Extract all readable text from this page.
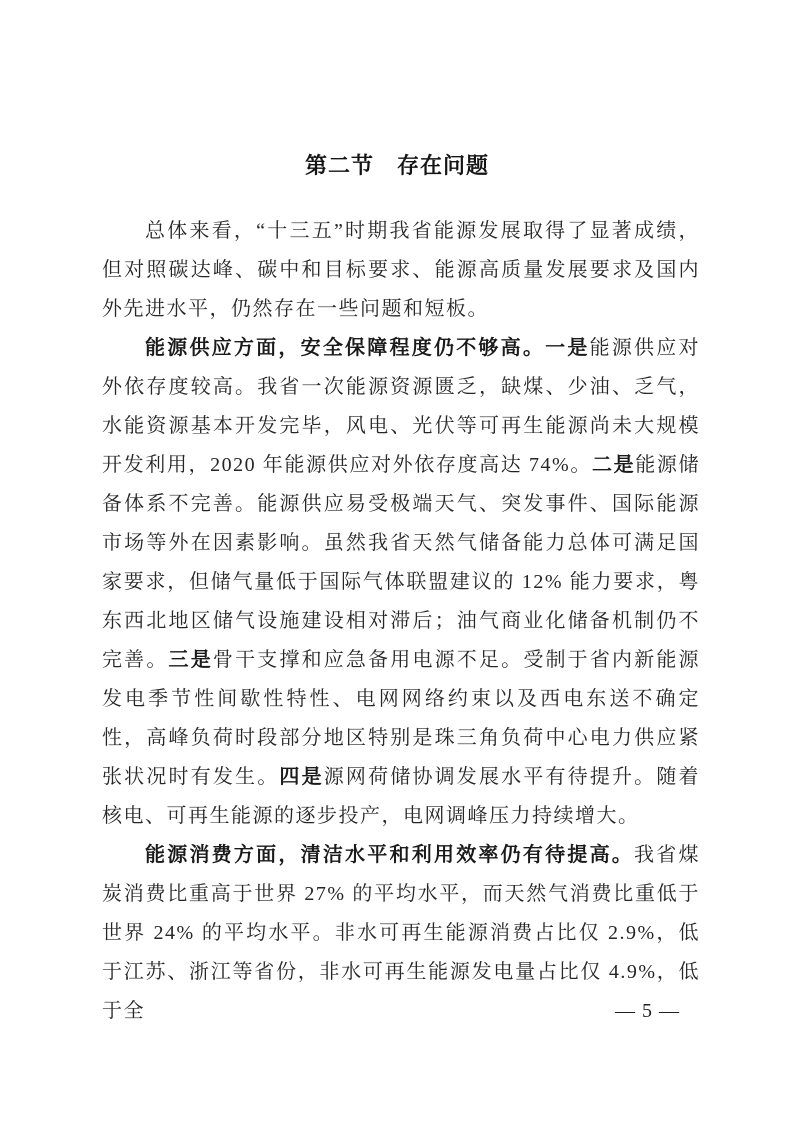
第二节　存在问题

总体来看，“十三五”时期我省能源发展取得了显著成绩，但对照碳达峰、碳中和目标要求、能源高质量发展要求及国内外先进水平，仍然存在一些问题和短板。

能源供应方面，安全保障程度仍不够高。一是能源供应对外依存度较高。我省一次能源资源匮乏，缺煤、少油、乏气，水能资源基本开发完毕，风电、光伏等可再生能源尚未大规模开发利用，2020 年能源供应对外依存度高达 74%。二是能源储备体系不完善。能源供应易受极端天气、突发事件、国际能源市场等外在因素影响。虽然我省天然气储备能力总体可满足国家要求，但储气量低于国际气体联盟建议的 12% 能力要求，粤东西北地区储气设施建设相对滞后；油气商业化储备机制仍不完善。三是骨干支撑和应急备用电源不足。受制于省内新能源发电季节性间歇性特性、电网网络约束以及西电东送不确定性，高峰负荷时段部分地区特别是珠三角负荷中心电力供应紧张状况时有发生。四是源网荷储协调发展水平有待提升。随着核电、可再生能源的逐步投产，电网调峰压力持续增大。

能源消费方面，清洁水平和利用效率仍有待提高。我省煤炭消费比重高于世界 27% 的平均水平，而天然气消费比重低于世界 24% 的平均水平。非水可再生能源消费占比仅 2.9%，低于江苏、浙江等省份，非水可再生能源发电量占比仅 4.9%，低于全	— 5 —
